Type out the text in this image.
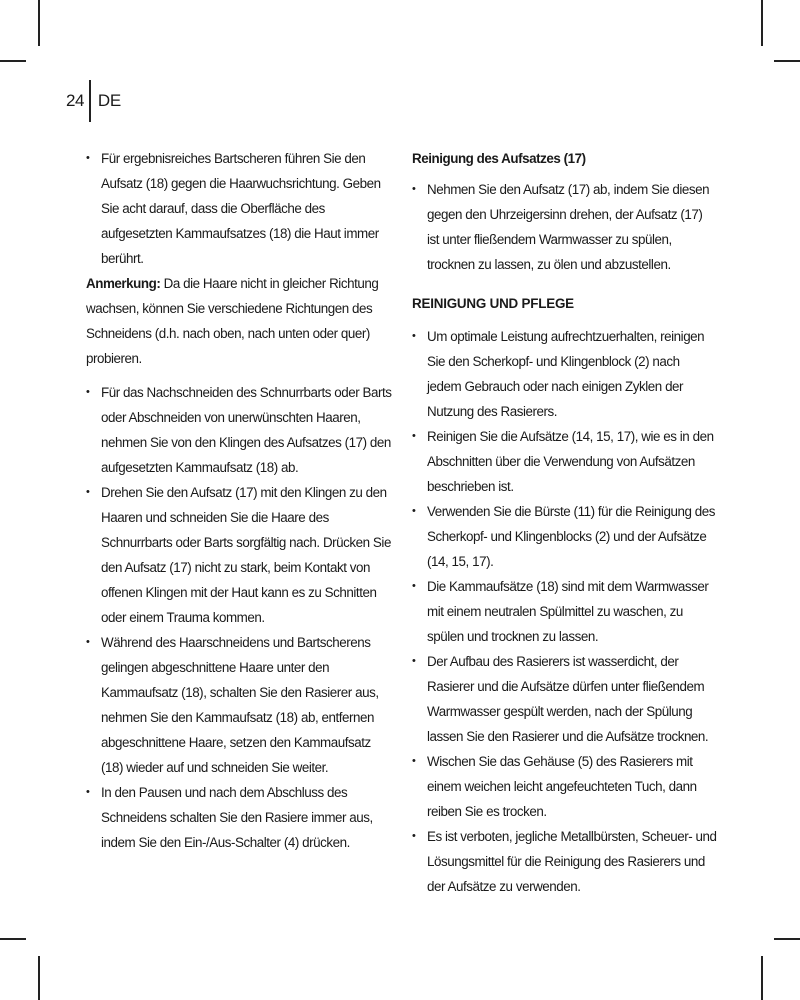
24 DE
• Für ergebnisreiches Bartscheren führen Sie den Aufsatz (18) gegen die Haarwuchsrichtung. Geben Sie acht darauf, dass die Oberfläche des aufgesetzten Kammaufsatzes (18) die Haut immer berührt.

Anmerkung: Da die Haare nicht in gleicher Richtung wachsen, können Sie verschiedene Richtungen des Schneidens (d.h. nach oben, nach unten oder quer) probieren.

• Für das Nachschneiden des Schnurrbarts oder Barts oder Abschneiden von unerwünschten Haaren, nehmen Sie von den Klingen des Aufsatzes (17) den aufgesetzten Kammaufsatz (18) ab.
• Drehen Sie den Aufsatz (17) mit den Klingen zu den Haaren und schneiden Sie die Haare des Schnurrbarts oder Barts sorgfältig nach. Drücken Sie den Aufsatz (17) nicht zu stark, beim Kontakt von offenen Klingen mit der Haut kann es zu Schnitten oder einem Trauma kommen.
• Während des Haarschneidens und Bartscherens gelingen abgeschnittene Haare unter den Kammaufsatz (18), schalten Sie den Rasierer aus, nehmen Sie den Kammaufsatz (18) ab, entfernen abgeschnittene Haare, setzen den Kammaufsatz (18) wieder auf und schneiden Sie weiter.
• In den Pausen und nach dem Abschluss des Schneidens schalten Sie den Rasiere immer aus, indem Sie den Ein-/Aus-Schalter (4) drücken.

Reinigung des Aufsatzes (17)

• Nehmen Sie den Aufsatz (17) ab, indem Sie diesen gegen den Uhrzeigersinn drehen, der Aufsatz (17) ist unter fließendem Warmwasser zu spülen, trocknen zu lassen, zu ölen und abzustellen.

REINIGUNG UND PFLEGE

• Um optimale Leistung aufrechtzuerhalten, reinigen Sie den Scherkopf- und Klingenblock (2) nach jedem Gebrauch oder nach einigen Zyklen der Nutzung des Rasierers.
• Reinigen Sie die Aufsätze (14, 15, 17), wie es in den Abschnitten über die Verwendung von Aufsätzen beschrieben ist.
• Verwenden Sie die Bürste (11) für die Reinigung des Scherkopf- und Klingenblocks (2) und der Aufsätze (14, 15, 17).
• Die Kammaufsätze (18) sind mit dem Warmwasser mit einem neutralen Spülmittel zu waschen, zu spülen und trocknen zu lassen.
• Der Aufbau des Rasierers ist wasserdicht, der Rasierer und die Aufsätze dürfen unter fließendem Warmwasser gespült werden, nach der Spülung lassen Sie den Rasierer und die Aufsätze trocknen.
• Wischen Sie das Gehäuse (5) des Rasierers mit einem weichen leicht angefeuchteten Tuch, dann reiben Sie es trocken.
• Es ist verboten, jegliche Metallbürsten, Scheuer- und Lösungsmittel für die Reinigung des Rasierers und der Aufsätze zu verwenden.
